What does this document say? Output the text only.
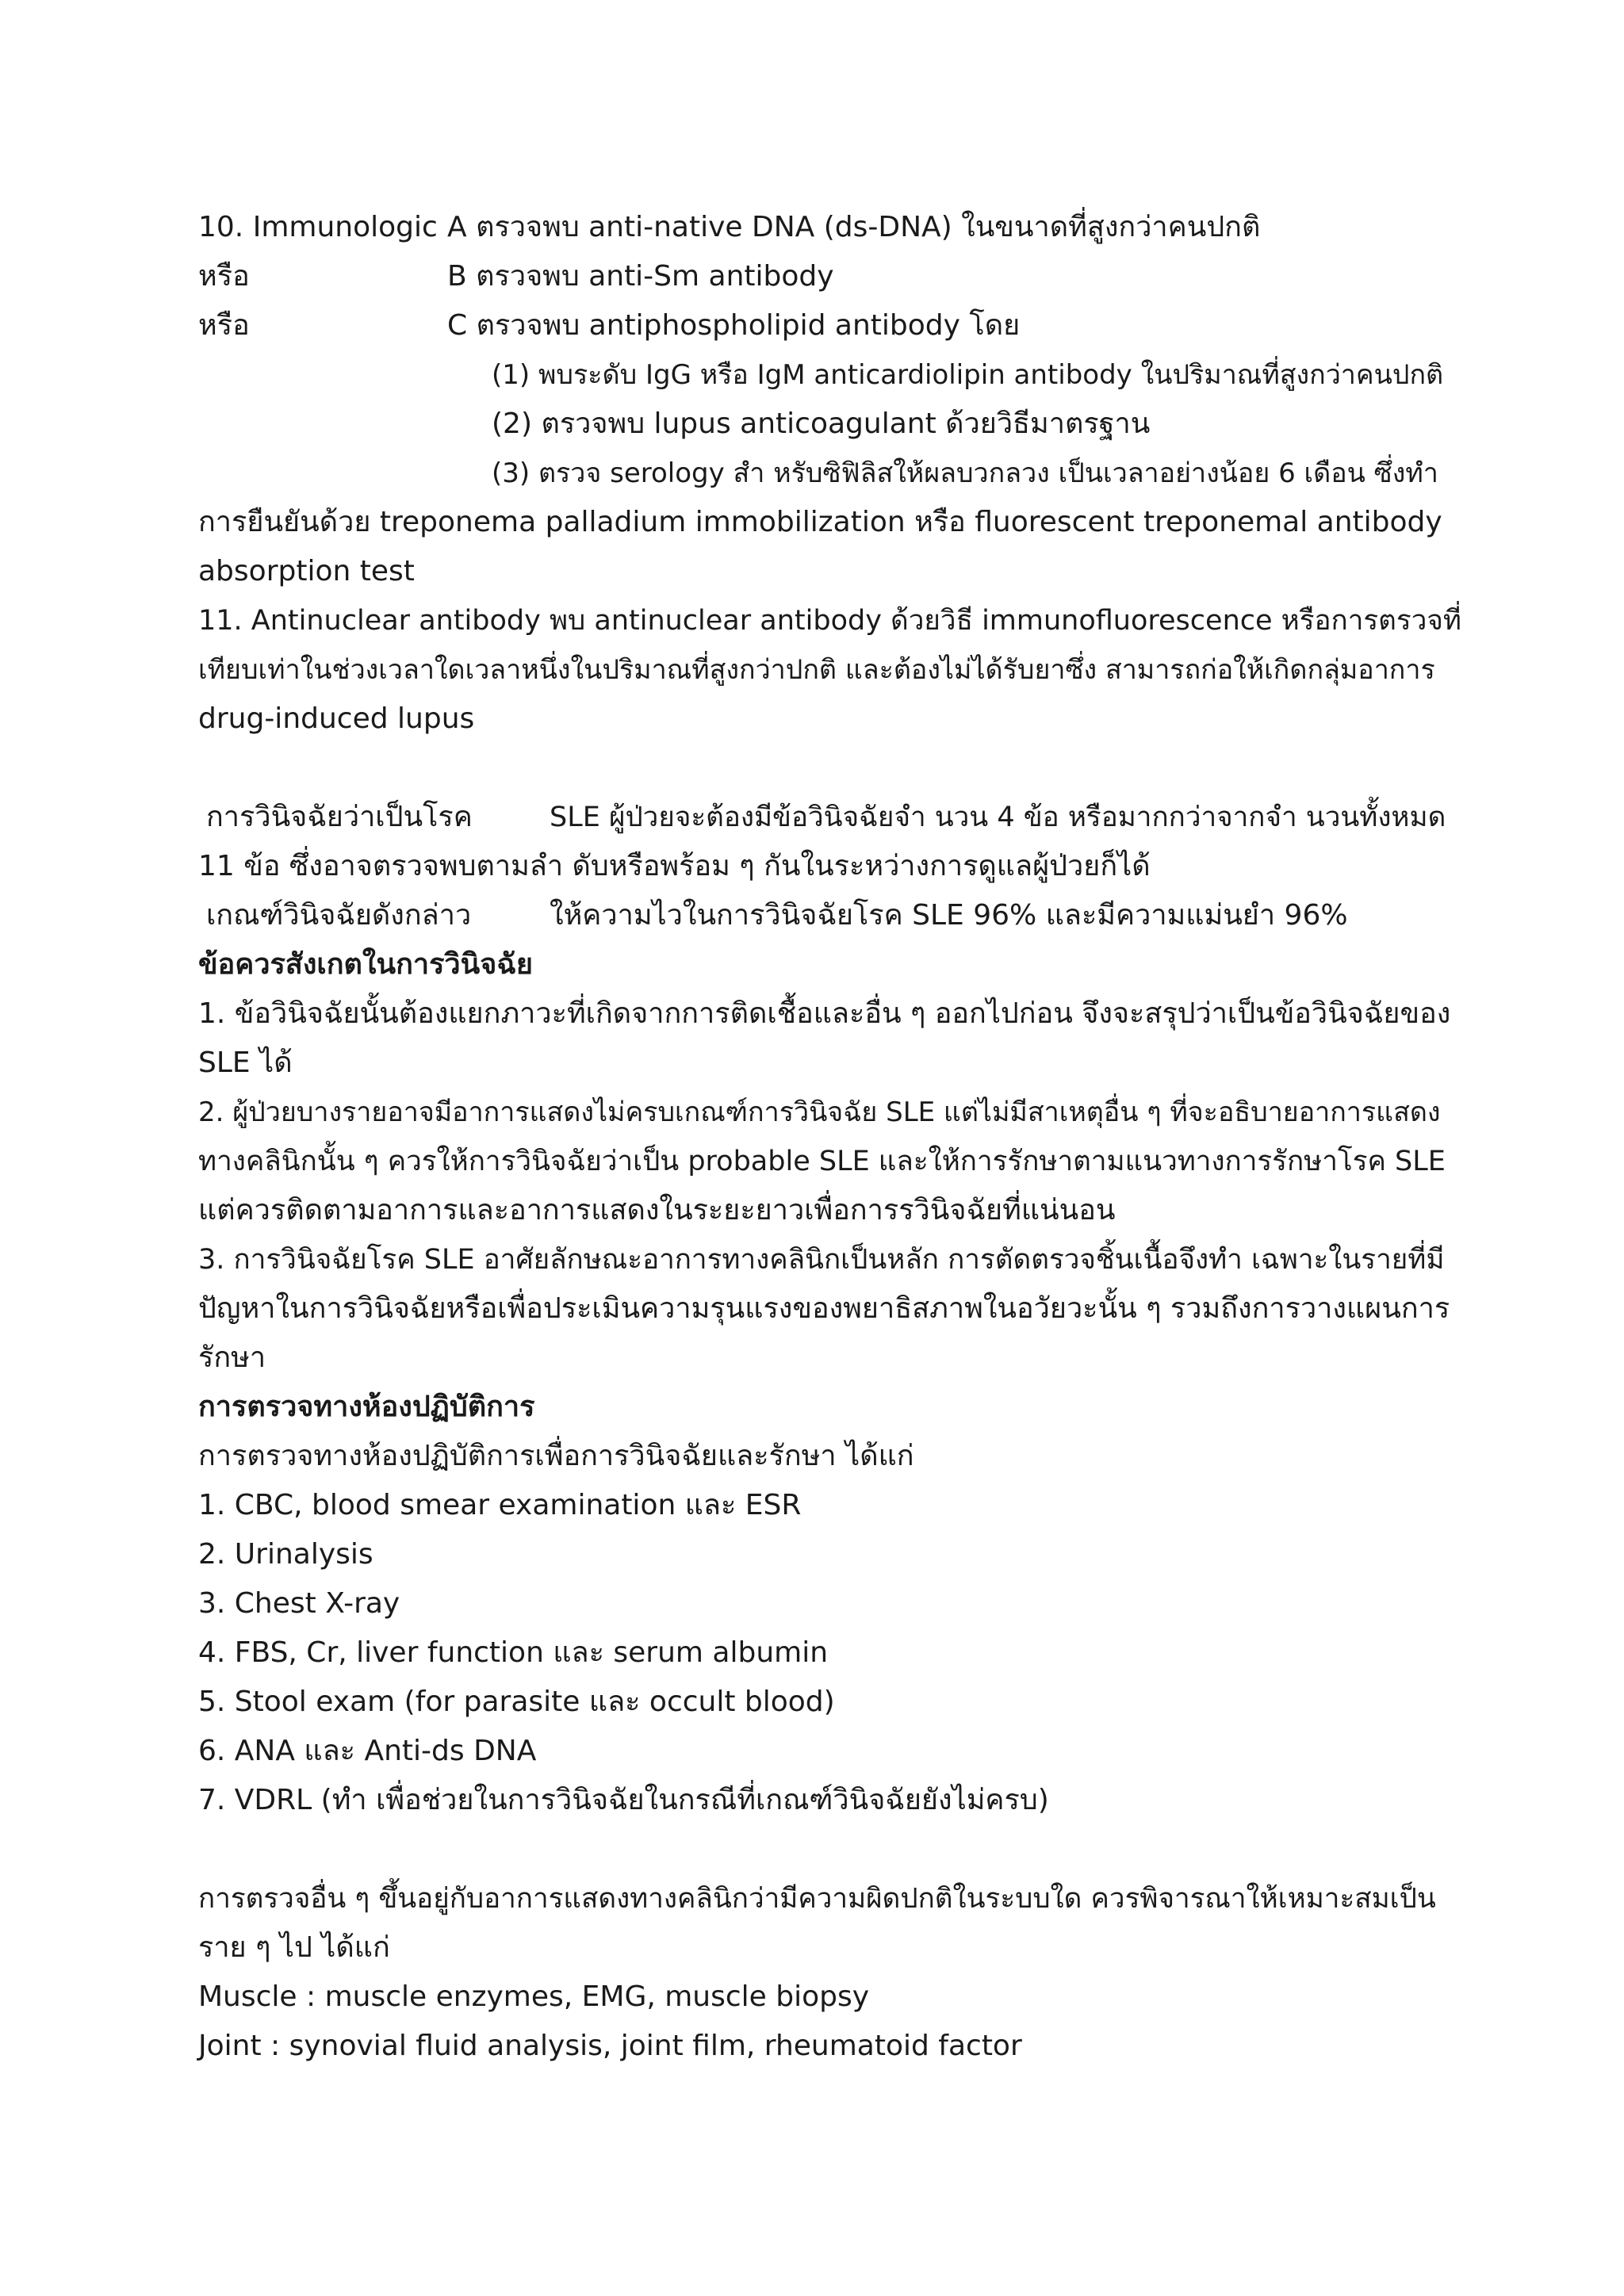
10. Immunologic A ตรวจพบ anti-native DNA (ds-DNA) ในขนาดที่สูงกว่าคนปกติ
หรือ	B ตรวจพบ anti-Sm antibody
หรือ	C ตรวจพบ antiphospholipid antibody โดย
(1) พบระดับ IgG หรือ IgM anticardiolipin antibody ในปริมาณที่สูงกว่าคนปกติ
(2) ตรวจพบ lupus anticoagulant ด้วยวิธีมาตรฐาน
(3) ตรวจ serology สำ หรับซิฟิลิสให้ผลบวกลวง เป็นเวลาอย่างน้อย 6 เดือน ซึ่งทำ
การยืนยันด้วย treponema palladium immobilization หรือ fluorescent treponemal antibody
absorption test
11. Antinuclear antibody พบ antinuclear antibody ด้วยวิธี immunofluorescence หรือการตรวจที่
เทียบเท่าในช่วงเวลาใดเวลาหนึ่งในปริมาณที่สูงกว่าปกติ และต้องไม่ได้รับยาซึ่ง สามารถก่อให้เกิดกลุ่มอาการ
drug-induced lupus
การวินิจฉัยว่าเป็นโรค	SLE ผู้ป่วยจะต้องมีข้อวินิจฉัยจำ นวน 4 ข้อ หรือมากกว่าจากจำ นวนทั้งหมด
11 ข้อ ซึ่งอาจตรวจพบตามลำ ดับหรือพร้อม ๆ กันในระหว่างการดูแลผู้ป่วยก็ได้
เกณฑ์วินิจฉัยดังกล่าว	ให้ความไวในการวินิจฉัยโรค SLE 96% และมีความแม่นยำ 96%
ข้อควรสังเกตในการวินิจฉัย
1. ข้อวินิจฉัยนั้นต้องแยกภาวะที่เกิดจากการติดเชื้อและอื่น ๆ ออกไปก่อน จึงจะสรุปว่าเป็นข้อวินิจฉัยของ
SLE ได้
2. ผู้ป่วยบางรายอาจมีอาการแสดงไม่ครบเกณฑ์การวินิจฉัย SLE แต่ไม่มีสาเหตุอื่น ๆ ที่จะอธิบายอาการแสดง
ทางคลินิกนั้น ๆ ควรให้การวินิจฉัยว่าเป็น probable SLE และให้การรักษาตามแนวทางการรักษาโรค SLE
แต่ควรติดตามอาการและอาการแสดงในระยะยาวเพื่อการรวินิจฉัยที่แน่นอน
3. การวินิจฉัยโรค SLE อาศัยลักษณะอาการทางคลินิกเป็นหลัก การตัดตรวจชิ้นเนื้อจึงทำ เฉพาะในรายที่มี
ปัญหาในการวินิจฉัยหรือเพื่อประเมินความรุนแรงของพยาธิสภาพในอวัยวะนั้น ๆ รวมถึงการวางแผนการ
รักษา
การตรวจทางห้องปฏิบัติการ
การตรวจทางห้องปฏิบัติการเพื่อการวินิจฉัยและรักษา ได้แก่
1. CBC, blood smear examination และ ESR
2. Urinalysis
3. Chest X-ray
4. FBS, Cr, liver function และ serum albumin
5. Stool exam (for parasite และ occult blood)
6. ANA และ Anti-ds DNA
7. VDRL (ทำ เพื่อช่วยในการวินิจฉัยในกรณีที่เกณฑ์วินิจฉัยยังไม่ครบ)
การตรวจอื่น ๆ ขึ้นอยู่กับอาการแสดงทางคลินิกว่ามีความผิดปกติในระบบใด ควรพิจารณาให้เหมาะสมเป็น
ราย ๆ ไป ได้แก่
Muscle : muscle enzymes, EMG, muscle biopsy
Joint : synovial fluid analysis, joint film, rheumatoid factor
